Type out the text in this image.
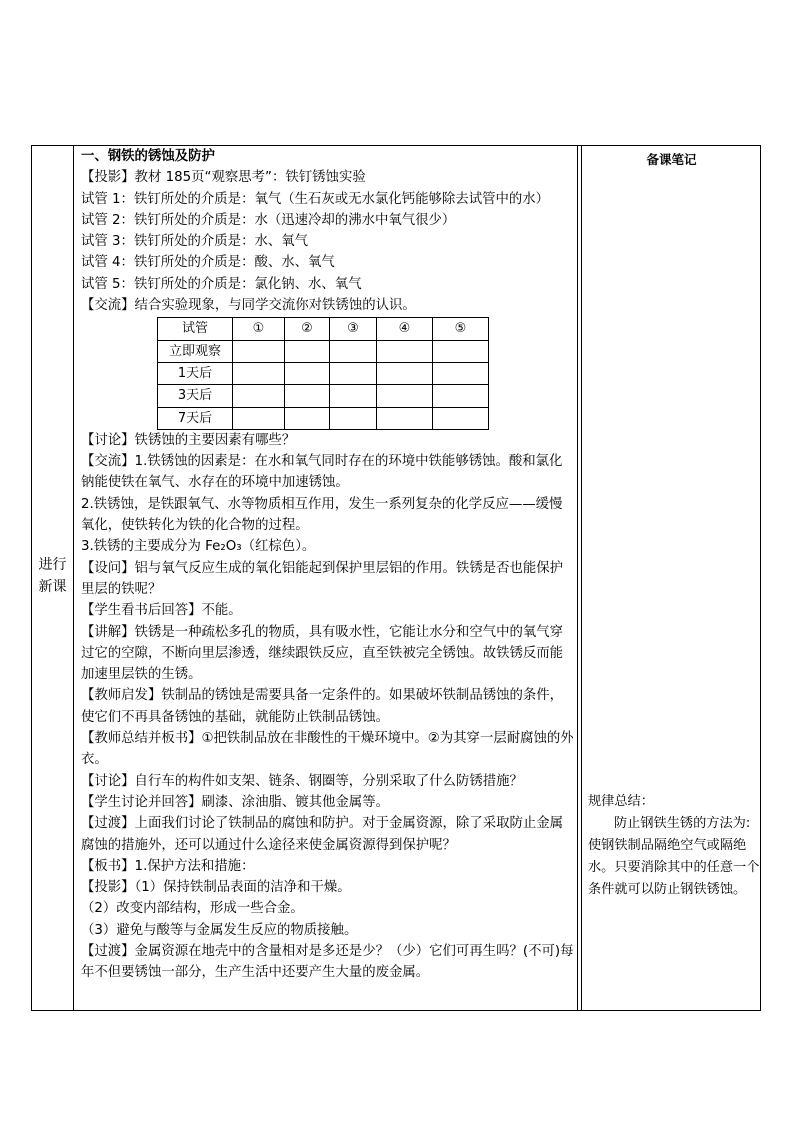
进行新课

一、钢铁的锈蚀及防护

【投影】教材 185页“观察思考”：铁钉锈蚀实验

试管 1：铁钉所处的介质是：氧气（生石灰或无水氯化钙能够除去试管中的水）

试管 2：铁钉所处的介质是：水（迅速冷却的沸水中氧气很少）

试管 3：铁钉所处的介质是：水、氧气

试管 4：铁钉所处的介质是：酸、水、氧气

试管 5：铁钉所处的介质是：氯化钠、水、氧气

【交流】结合实验现象，与同学交流你对铁锈蚀的认识。

试管	①	②	③	④	⑤
立即观察					
1天后					
3天后					
7天后					

【讨论】铁锈蚀的主要因素有哪些？

【交流】1.铁锈蚀的因素是：在水和氧气同时存在的环境中铁能够锈蚀。酸和氯化钠能使铁在氧气、水存在的环境中加速锈蚀。

2.铁锈蚀，是铁跟氧气、水等物质相互作用，发生一系列复杂的化学反应——缓慢氧化，使铁转化为铁的化合物的过程。

3.铁锈的主要成分为 Fe₂O₃（红棕色）。

【设问】铝与氧气反应生成的氧化铝能起到保护里层铝的作用。铁锈是否也能保护里层的铁呢？

【学生看书后回答】不能。

【讲解】铁锈是一种疏松多孔的物质，具有吸水性，它能让水分和空气中的氧气穿过它的空隙，不断向里层渗透，继续跟铁反应，直至铁被完全锈蚀。故铁锈反而能加速里层铁的生锈。

【教师启发】铁制品的锈蚀是需要具备一定条件的。如果破坏铁制品锈蚀的条件，使它们不再具备锈蚀的基础，就能防止铁制品锈蚀。

【教师总结并板书】①把铁制品放在非酸性的干燥环境中。②为其穿一层耐腐蚀的外衣。

【讨论】自行车的构件如支架、链条、钢圈等，分别采取了什么防锈措施？

【学生讨论并回答】刷漆、涂油脂、镀其他金属等。

【过渡】上面我们讨论了铁制品的腐蚀和防护。对于金属资源，除了采取防止金属腐蚀的措施外，还可以通过什么途径来使金属资源得到保护呢？

【板书】1.保护方法和措施：

【投影】（1）保持铁制品表面的洁净和干燥。

（2）改变内部结构，形成一些合金。

（3）避免与酸等与金属发生反应的物质接触。

【过渡】金属资源在地壳中的含量相对是多还是少？（少）它们可再生吗？(不可)每年不但要锈蚀一部分，生产生活中还要产生大量的废金属。

备课笔记

规律总结：

防止钢铁生锈的方法为:使钢铁制品隔绝空气或隔绝水。只要消除其中的任意一个条件就可以防止钢铁锈蚀。
